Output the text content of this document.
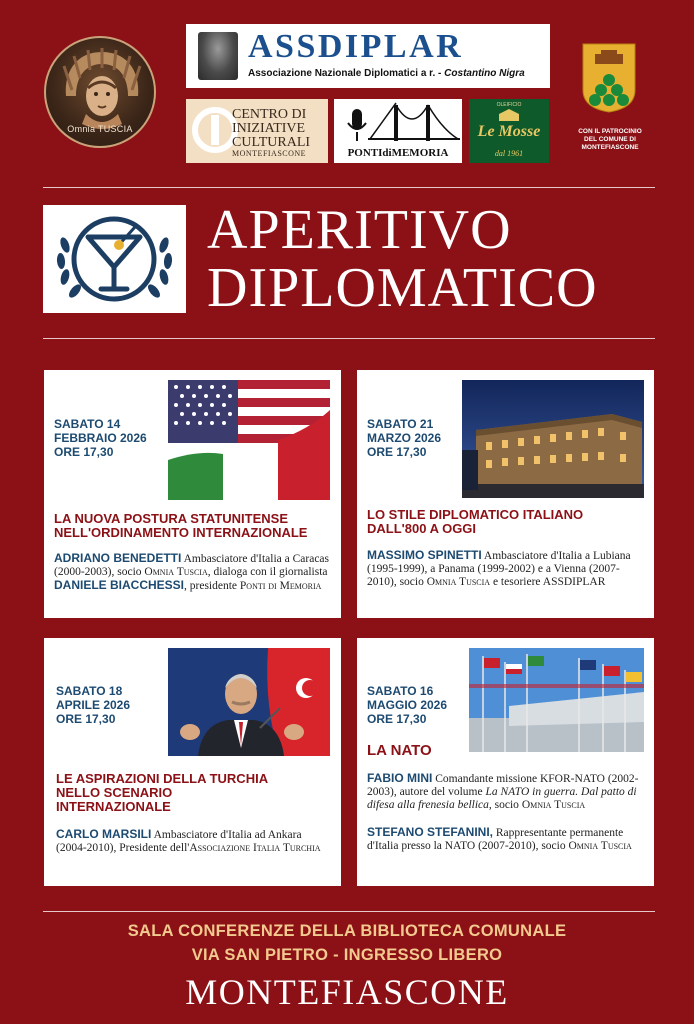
Omnia TUSCIA
ASSDIPLAR
Associazione Nazionale Diplomatici a r. - Costantino Nigra
CENTRO DI
INIZIATIVE
CULTURALI
MONTEFIASCONE	PONTIdiMEMORIA
OLEIFICIO
Le Mosse
dal 1961
CON IL PATROCINIO
DEL COMUNE DI
MONTEFIASCONE
APERITIVO
DIPLOMATICO
SABATO 14
FEBBRAIO 2026
ORE 17,30
LA NUOVA POSTURA STATUNITENSE
NELL'ORDINAMENTO INTERNAZIONALE
ADRIANO BENEDETTI Ambasciatore d'Italia a Caracas (2000-2003), socio Omnia Tuscia, dialoga con il giornalista DANIELE BIACCHESSI, presidente Ponti di Memoria
SABATO 21
MARZO 2026
ORE 17,30
LO STILE DIPLOMATICO ITALIANO
DALL'800 A OGGI
MASSIMO SPINETTI Ambasciatore d'Italia a Lubiana (1995-1999), a Panama (1999-2002) e a Vienna (2007-2010), socio Omnia Tuscia e tesoriere ASSDIPLAR
SABATO 18
APRILE 2026
ORE 17,30
LE ASPIRAZIONI DELLA TURCHIA
NELLO SCENARIO
INTERNAZIONALE
CARLO MARSILI Ambasciatore d'Italia ad Ankara (2004-2010), Presidente dell'Associazione Italia Turchia
SABATO 16
MAGGIO 2026
ORE 17,30
LA NATO
FABIO MINI Comandante missione KFOR-NATO (2002-2003), autore del volume La NATO in guerra. Dal patto di difesa alla frenesia bellica, socio Omnia Tuscia
STEFANO STEFANINI, Rappresentante permanente d'Italia presso la NATO (2007-2010), socio Omnia Tuscia
SALA CONFERENZE DELLA BIBLIOTECA COMUNALE
VIA SAN PIETRO - INGRESSO LIBERO
MONTEFIASCONE
